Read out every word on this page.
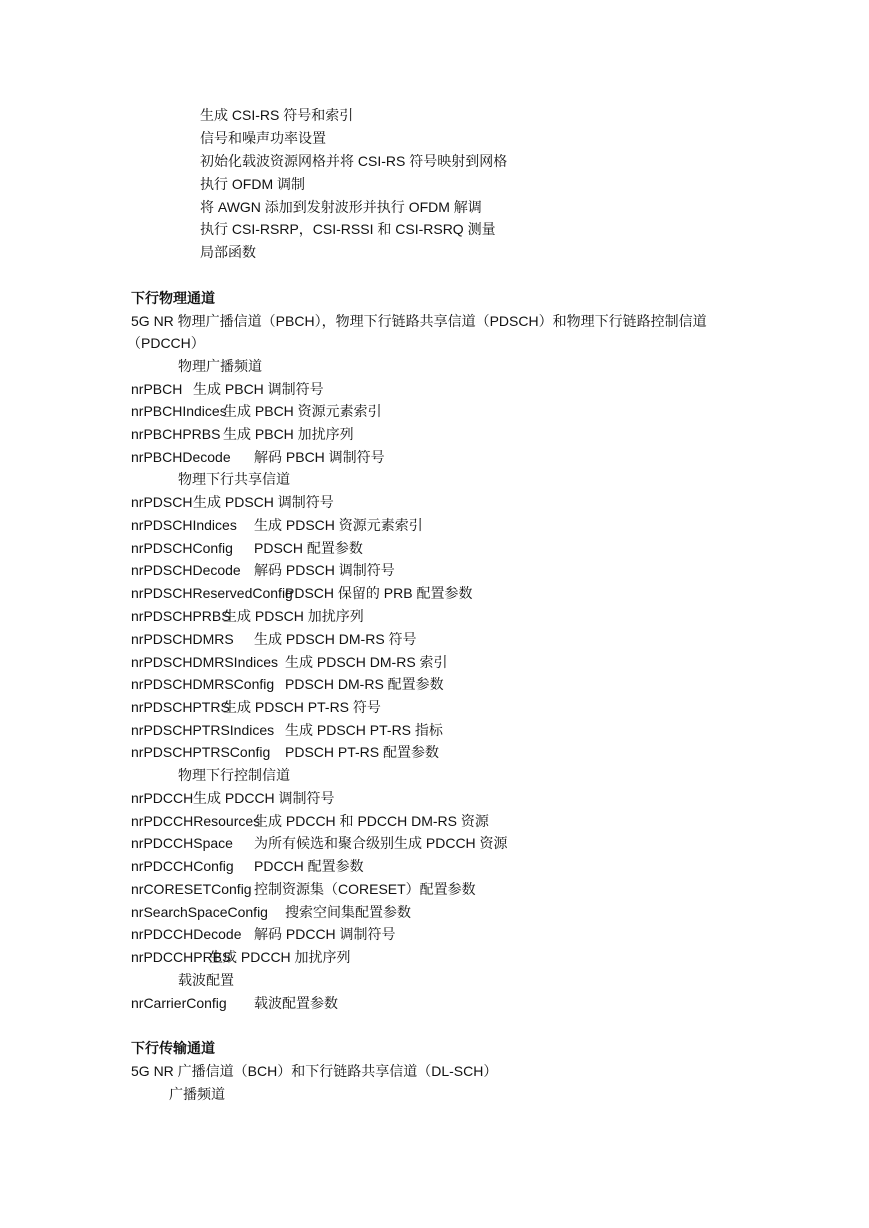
生成 CSI-RS 符号和索引
信号和噪声功率设置
初始化载波资源网格并将 CSI-RS 符号映射到网格
执行 OFDM 调制
将 AWGN 添加到发射波形并执行 OFDM 解调
执行 CSI-RSRP，CSI-RSSI 和 CSI-RSRQ 测量
局部函数
下行物理通道
5G NR 物理广播信道（PBCH），物理下行链路共享信道（PDSCH）和物理下行链路控制信道
（PDCCH）
物理广播频道
nrPBCH 生成 PBCH 调制符号
nrPBCHIndices
生成 PBCH 资源元素索引
nrPBCHPRBS 生成 PBCH 加扰序列
nrPBCHDecode 解码 PBCH 调制符号
物理下行共享信道
nrPDSCH 生成 PDSCH 调制符号
nrPDSCHIndices 生成 PDSCH 资源元素索引
nrPDSCHConfig PDSCH 配置参数
nrPDSCHDecode 解码 PDSCH 调制符号
nrPDSCHReservedConfig
PDSCH 保留的 PRB 配置参数
nrPDSCHPRBS
生成 PDSCH 加扰序列
nrPDSCHDMRS 生成 PDSCH DM-RS 符号
nrPDSCHDMRSIndices 生成 PDSCH DM-RS 索引
nrPDSCHDMRSConfig PDSCH DM-RS 配置参数
nrPDSCHPTRS
生成 PDSCH PT-RS 符号
nrPDSCHPTRSIndices 生成 PDSCH PT-RS 指标
nrPDSCHPTRSConfig PDSCH PT-RS 配置参数
物理下行控制信道
nrPDCCH 生成 PDCCH 调制符号
nrPDCCHResources
生成 PDCCH 和 PDCCH DM-RS 资源
nrPDCCHSpace 为所有候选和聚合级别生成 PDCCH 资源
nrPDCCHConfig PDCCH 配置参数
nrCORESETConfig 控制资源集（CORESET）配置参数
nrSearchSpaceConfig 搜索空间集配置参数
nrPDCCHDecode 解码 PDCCH 调制符号
nrPDCCHPRBS
生成 PDCCH 加扰序列
载波配置
nrCarrierConfig 载波配置参数
下行传输通道
5G NR 广播信道（BCH）和下行链路共享信道（DL-SCH）
广播频道
